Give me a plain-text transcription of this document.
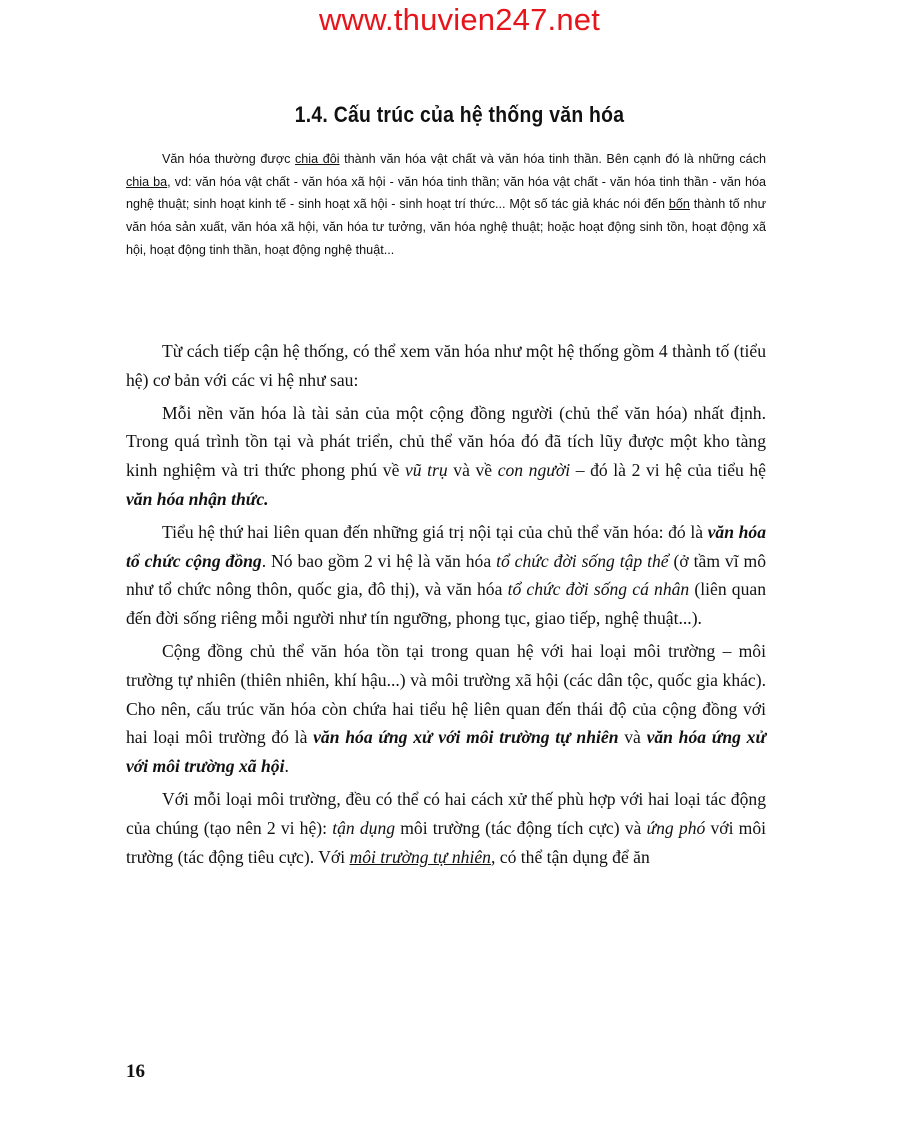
www.thuvien247.net
1.4. Cấu trúc của hệ thống văn hóa

Văn hóa thường được chia đôi thành văn hóa vật chất và văn hóa tinh thần. Bên cạnh đó là những cách chia ba, vd: văn hóa vật chất - văn hóa xã hội - văn hóa tinh thần; văn hóa vật chất - văn hóa tinh thần - văn hóa nghệ thuật; sinh hoạt kinh tế - sinh hoạt xã hội - sinh hoạt trí thức... Một số tác giả khác nói đến bốn thành tố như văn hóa sản xuất, văn hóa xã hội, văn hóa tư tưởng, văn hóa nghệ thuật; hoặc hoạt động sinh tồn, hoạt động xã hội, hoạt động tinh thần, hoạt động nghệ thuật...

Từ cách tiếp cận hệ thống, có thể xem văn hóa như một hệ thống gồm 4 thành tố (tiểu hệ) cơ bản với các vi hệ như sau:

Mỗi nền văn hóa là tài sản của một cộng đồng người (chủ thể văn hóa) nhất định. Trong quá trình tồn tại và phát triển, chủ thể văn hóa đó đã tích lũy được một kho tàng kinh nghiệm và tri thức phong phú về vũ trụ và về con người – đó là 2 vi hệ của tiểu hệ văn hóa nhận thức.

Tiểu hệ thứ hai liên quan đến những giá trị nội tại của chủ thể văn hóa: đó là văn hóa tổ chức cộng đồng. Nó bao gồm 2 vi hệ là văn hóa tổ chức đời sống tập thể (ở tầm vĩ mô như tổ chức nông thôn, quốc gia, đô thị), và văn hóa tổ chức đời sống cá nhân (liên quan đến đời sống riêng mỗi người như tín ngưỡng, phong tục, giao tiếp, nghệ thuật...).

Cộng đồng chủ thể văn hóa tồn tại trong quan hệ với hai loại môi trường – môi trường tự nhiên (thiên nhiên, khí hậu...) và môi trường xã hội (các dân tộc, quốc gia khác). Cho nên, cấu trúc văn hóa còn chứa hai tiểu hệ liên quan đến thái độ của cộng đồng với hai loại môi trường đó là văn hóa ứng xử với môi trường tự nhiên và văn hóa ứng xử với môi trường xã hội.

Với mỗi loại môi trường, đều có thể có hai cách xử thế phù hợp với hai loại tác động của chúng (tạo nên 2 vi hệ): tận dụng môi trường (tác động tích cực) và ứng phó với môi trường (tác động tiêu cực). Với môi trường tự nhiên, có thể tận dụng để ăn

16
